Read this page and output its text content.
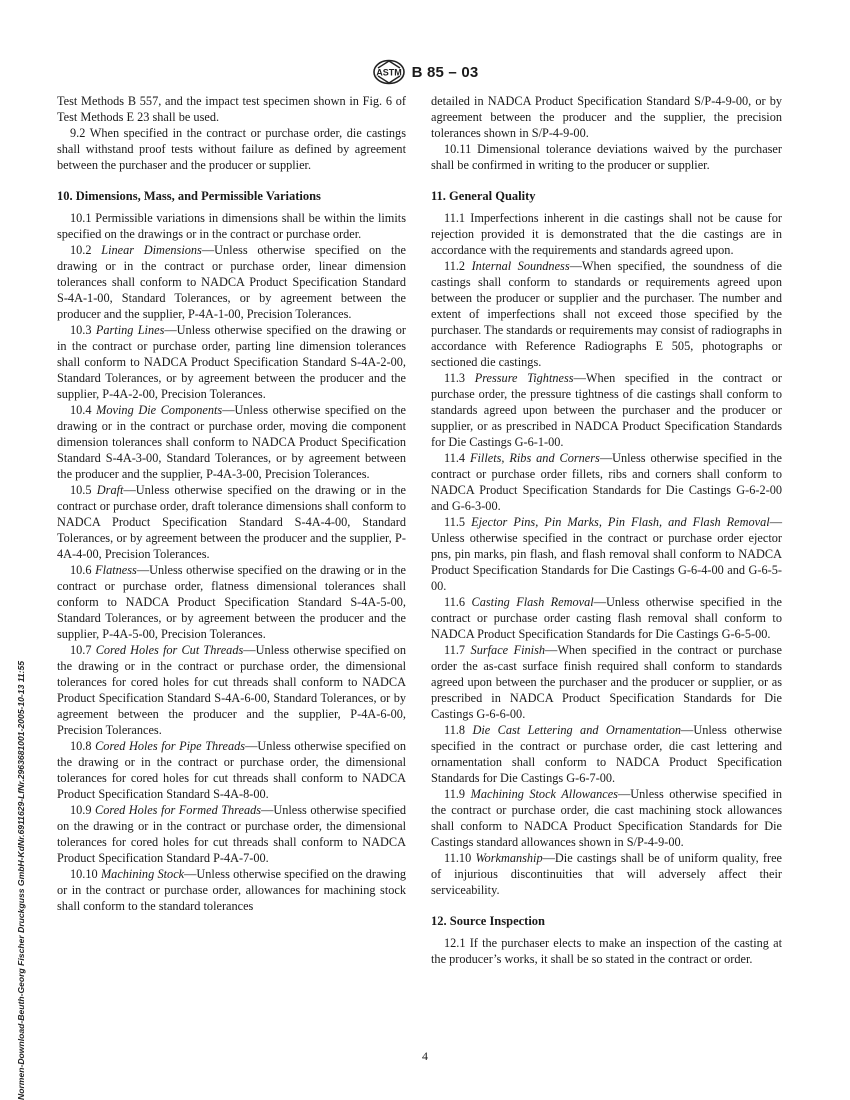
ASTM B 85 – 03

Test Methods B 557, and the impact test specimen shown in Fig. 6 of Test Methods E 23 shall be used.

9.2 When specified in the contract or purchase order, die castings shall withstand proof tests without failure as defined by agreement between the purchaser and the producer or supplier.

10. Dimensions, Mass, and Permissible Variations

10.1 Permissible variations in dimensions shall be within the limits specified on the drawings or in the contract or purchase order.

10.2 Linear Dimensions—Unless otherwise specified on the drawing or in the contract or purchase order, linear dimension tolerances shall conform to NADCA Product Specification Standard S-4A-1-00, Standard Tolerances, or by agreement between the producer and the supplier, P-4A-1-00, Precision Tolerances.

10.3 Parting Lines—Unless otherwise specified on the drawing or in the contract or purchase order, parting line dimension tolerances shall conform to NADCA Product Specification Standard S-4A-2-00, Standard Tolerances, or by agreement between the producer and the supplier, P-4A-2-00, Precision Tolerances.

10.4 Moving Die Components—Unless otherwise specified on the drawing or in the contract or purchase order, moving die component dimension tolerances shall conform to NADCA Product Specification Standard S-4A-3-00, Standard Tolerances, or by agreement between the producer and the supplier, P-4A-3-00, Precision Tolerances.

10.5 Draft—Unless otherwise specified on the drawing or in the contract or purchase order, draft tolerance dimensions shall conform to NADCA Product Specification Standard S-4A-4-00, Standard Tolerances, or by agreement between the producer and the supplier, P-4A-4-00, Precision Tolerances.

10.6 Flatness—Unless otherwise specified on the drawing or in the contract or purchase order, flatness dimensional tolerances shall conform to NADCA Product Specification Standard S-4A-5-00, Standard Tolerances, or by agreement between the producer and the supplier, P-4A-5-00, Precision Tolerances.

10.7 Cored Holes for Cut Threads—Unless otherwise specified on the drawing or in the contract or purchase order, the dimensional tolerances for cored holes for cut threads shall conform to NADCA Product Specification Standard S-4A-6-00, Standard Tolerances, or by agreement between the producer and the supplier, P-4A-6-00, Precision Tolerances.

10.8 Cored Holes for Pipe Threads—Unless otherwise specified on the drawing or in the contract or purchase order, the dimensional tolerances for cored holes for cut threads shall conform to NADCA Product Specification Standard S-4A-8-00.

10.9 Cored Holes for Formed Threads—Unless otherwise specified on the drawing or in the contract or purchase order, the dimensional tolerances for cored holes for cut threads shall conform to NADCA Product Specification Standard P-4A-7-00.

10.10 Machining Stock—Unless otherwise specified on the drawing or in the contract or purchase order, allowances for machining stock shall conform to the standard tolerances

detailed in NADCA Product Specification Standard S/P-4-9-00, or by agreement between the producer and the supplier, the precision tolerances shown in S/P-4-9-00.

10.11 Dimensional tolerance deviations waived by the purchaser shall be confirmed in writing to the producer or supplier.

11. General Quality

11.1 Imperfections inherent in die castings shall not be cause for rejection provided it is demonstrated that the die castings are in accordance with the requirements and standards agreed upon.

11.2 Internal Soundness—When specified, the soundness of die castings shall conform to standards or requirements agreed upon between the producer or supplier and the purchaser. The number and extent of imperfections shall not exceed those specified by the purchaser. The standards or requirements may consist of radiographs in accordance with Reference Radiographs E 505, photographs or sectioned die castings.

11.3 Pressure Tightness—When specified in the contract or purchase order, the pressure tightness of die castings shall conform to standards agreed upon between the purchaser and the producer or supplier, or as prescribed in NADCA Product Specification Standards for Die Castings G-6-1-00.

11.4 Fillets, Ribs and Corners—Unless otherwise specified in the contract or purchase order fillets, ribs and corners shall conform to NADCA Product Specification Standards for Die Castings G-6-2-00 and G-6-3-00.

11.5 Ejector Pins, Pin Marks, Pin Flash, and Flash Removal—Unless otherwise specified in the contract or purchase order ejector pns, pin marks, pin flash, and flash removal shall conform to NADCA Product Specification Standards for Die Castings G-6-4-00 and G-6-5-00.

11.6 Casting Flash Removal—Unless otherwise specified in the contract or purchase order casting flash removal shall conform to NADCA Product Specification Standards for Die Castings G-6-5-00.

11.7 Surface Finish—When specified in the contract or purchase order the as-cast surface finish required shall conform to standards agreed upon between the purchaser and the producer or supplier, or as prescribed in NADCA Product Specification Standards for Die Castings G-6-6-00.

11.8 Die Cast Lettering and Ornamentation—Unless otherwise specified in the contract or purchase order, die cast lettering and ornamentation shall conform to NADCA Product Specification Standards for Die Castings G-6-7-00.

11.9 Machining Stock Allowances—Unless otherwise specified in the contract or purchase order, die cast machining stock allowances shall conform to NADCA Product Specification Standards for Die Castings standard allowances shown in S/P-4-9-00.

11.10 Workmanship—Die castings shall be of uniform quality, free of injurious discontinuities that will adversely affect their serviceability.

12. Source Inspection

12.1 If the purchaser elects to make an inspection of the casting at the producer’s works, it shall be so stated in the contract or order.

4
Normen-Download-Beuth-Georg Fischer Druckguss GmbH-KdNr.6911629-LfNr.2963681001-2005-10-13 11:55
